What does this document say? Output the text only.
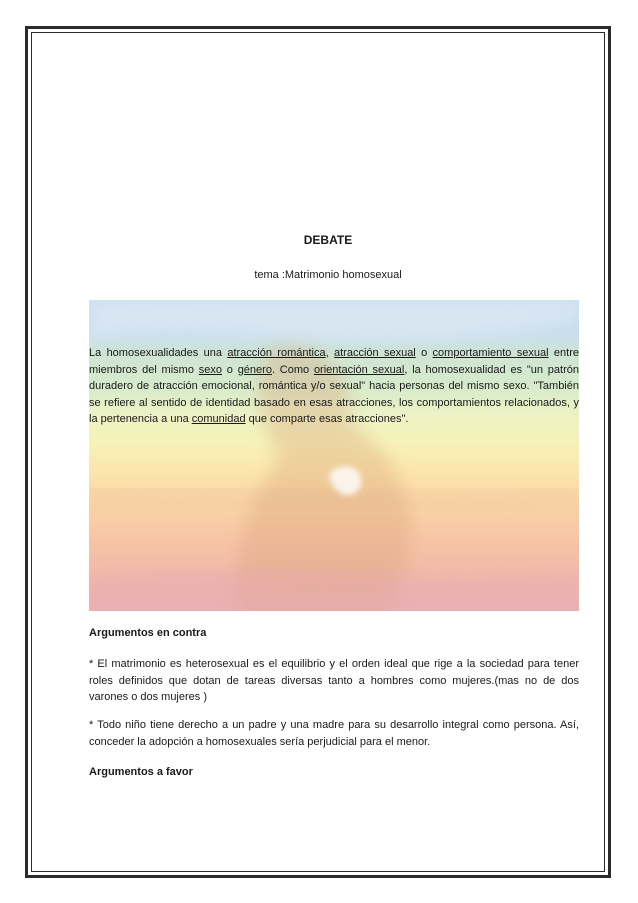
DEBATE
tema :Matrimonio homosexual
La homosexualidades una atracción romántica, atracción sexual o comportamiento sexual entre miembros del mismo sexo o género. Como orientación sexual, la homosexualidad es "un patrón duradero de atracción emocional, romántica y/o sexual" hacia personas del mismo sexo. "También se refiere al sentido de identidad basado en esas atracciones, los comportamientos relacionados, y la pertenencia a una comunidad que comparte esas atracciones".
Argumentos en contra
* El matrimonio es heterosexual es el equilibrio y el orden ideal que rige a la sociedad para tener roles definidos que dotan de tareas diversas tanto a hombres como mujeres.(mas no de dos varones o dos mujeres )
* Todo niño tiene derecho a un padre y una madre para su desarrollo integral como persona. Así, conceder la adopción a homosexuales sería perjudicial para el menor.
Argumentos a favor
